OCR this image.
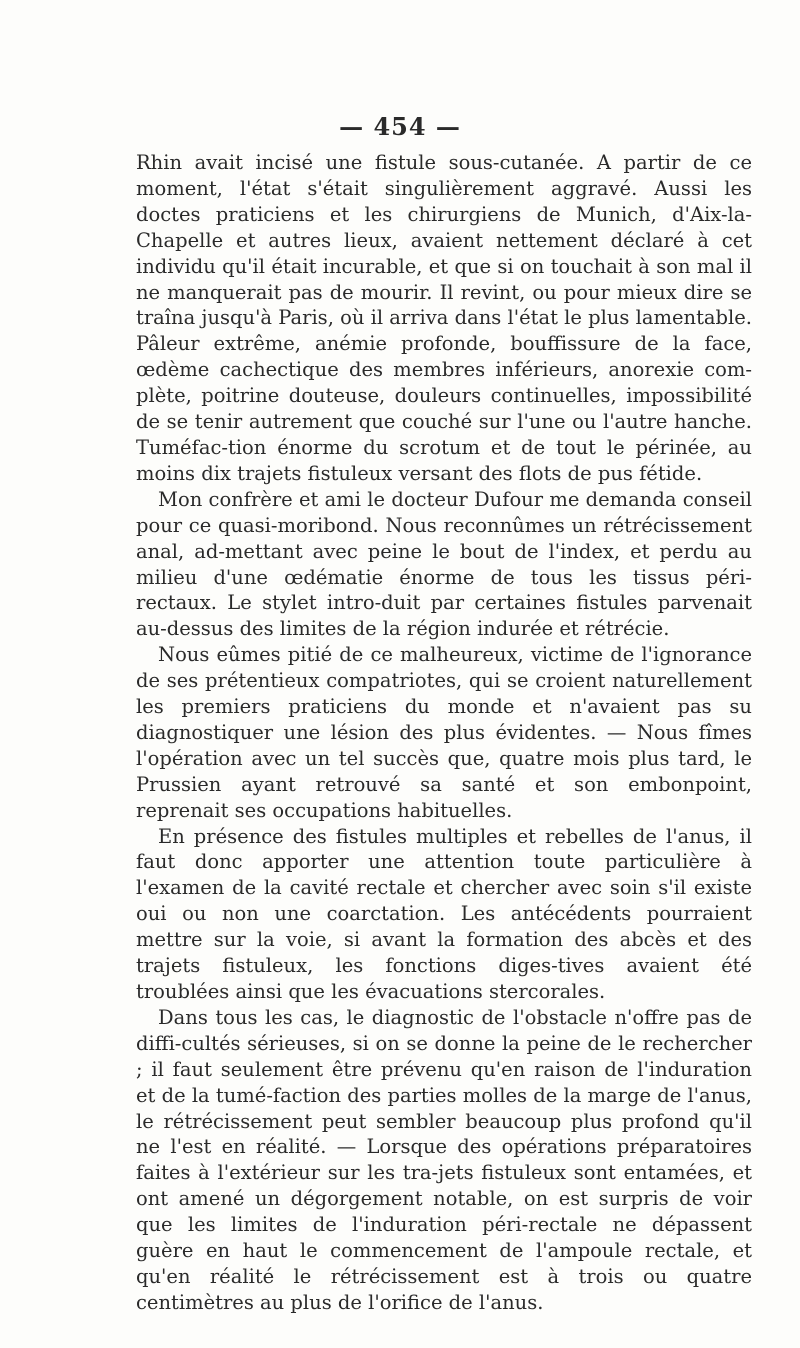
— 454 —

Rhin avait incisé une fistule sous-cutanée. A partir de ce moment, l'état s'était singulièrement aggravé. Aussi les doctes praticiens et les chirurgiens de Munich, d'Aix-la-Chapelle et autres lieux, avaient nettement déclaré à cet individu qu'il était incurable, et que si on touchait à son mal il ne manquerait pas de mourir. Il revint, ou pour mieux dire se traîna jusqu'à Paris, où il arriva dans l'état le plus lamentable. Pâleur extrême, anémie profonde, bouffissure de la face, œdème cachectique des membres inférieurs, anorexie com-plète, poitrine douteuse, douleurs continuelles, impossibilité de se tenir autrement que couché sur l'une ou l'autre hanche. Tuméfac-tion énorme du scrotum et de tout le périnée, au moins dix trajets fistuleux versant des flots de pus fétide.

Mon confrère et ami le docteur Dufour me demanda conseil pour ce quasi-moribond. Nous reconnûmes un rétrécissement anal, ad-mettant avec peine le bout de l'index, et perdu au milieu d'une œdématie énorme de tous les tissus péri-rectaux. Le stylet intro-duit par certaines fistules parvenait au-dessus des limites de la région indurée et rétrécie.

Nous eûmes pitié de ce malheureux, victime de l'ignorance de ses prétentieux compatriotes, qui se croient naturellement les premiers praticiens du monde et n'avaient pas su diagnostiquer une lésion des plus évidentes. — Nous fîmes l'opération avec un tel succès que, quatre mois plus tard, le Prussien ayant retrouvé sa santé et son embonpoint, reprenait ses occupations habituelles.

En présence des fistules multiples et rebelles de l'anus, il faut donc apporter une attention toute particulière à l'examen de la cavité rectale et chercher avec soin s'il existe oui ou non une coarctation. Les antécédents pourraient mettre sur la voie, si avant la formation des abcès et des trajets fistuleux, les fonctions diges-tives avaient été troublées ainsi que les évacuations stercorales.

Dans tous les cas, le diagnostic de l'obstacle n'offre pas de diffi-cultés sérieuses, si on se donne la peine de le rechercher ; il faut seulement être prévenu qu'en raison de l'induration et de la tumé-faction des parties molles de la marge de l'anus, le rétrécissement peut sembler beaucoup plus profond qu'il ne l'est en réalité. — Lorsque des opérations préparatoires faites à l'extérieur sur les tra-jets fistuleux sont entamées, et ont amené un dégorgement notable, on est surpris de voir que les limites de l'induration péri-rectale ne dépassent guère en haut le commencement de l'ampoule rectale, et qu'en réalité le rétrécissement est à trois ou quatre centimètres au plus de l'orifice de l'anus.
